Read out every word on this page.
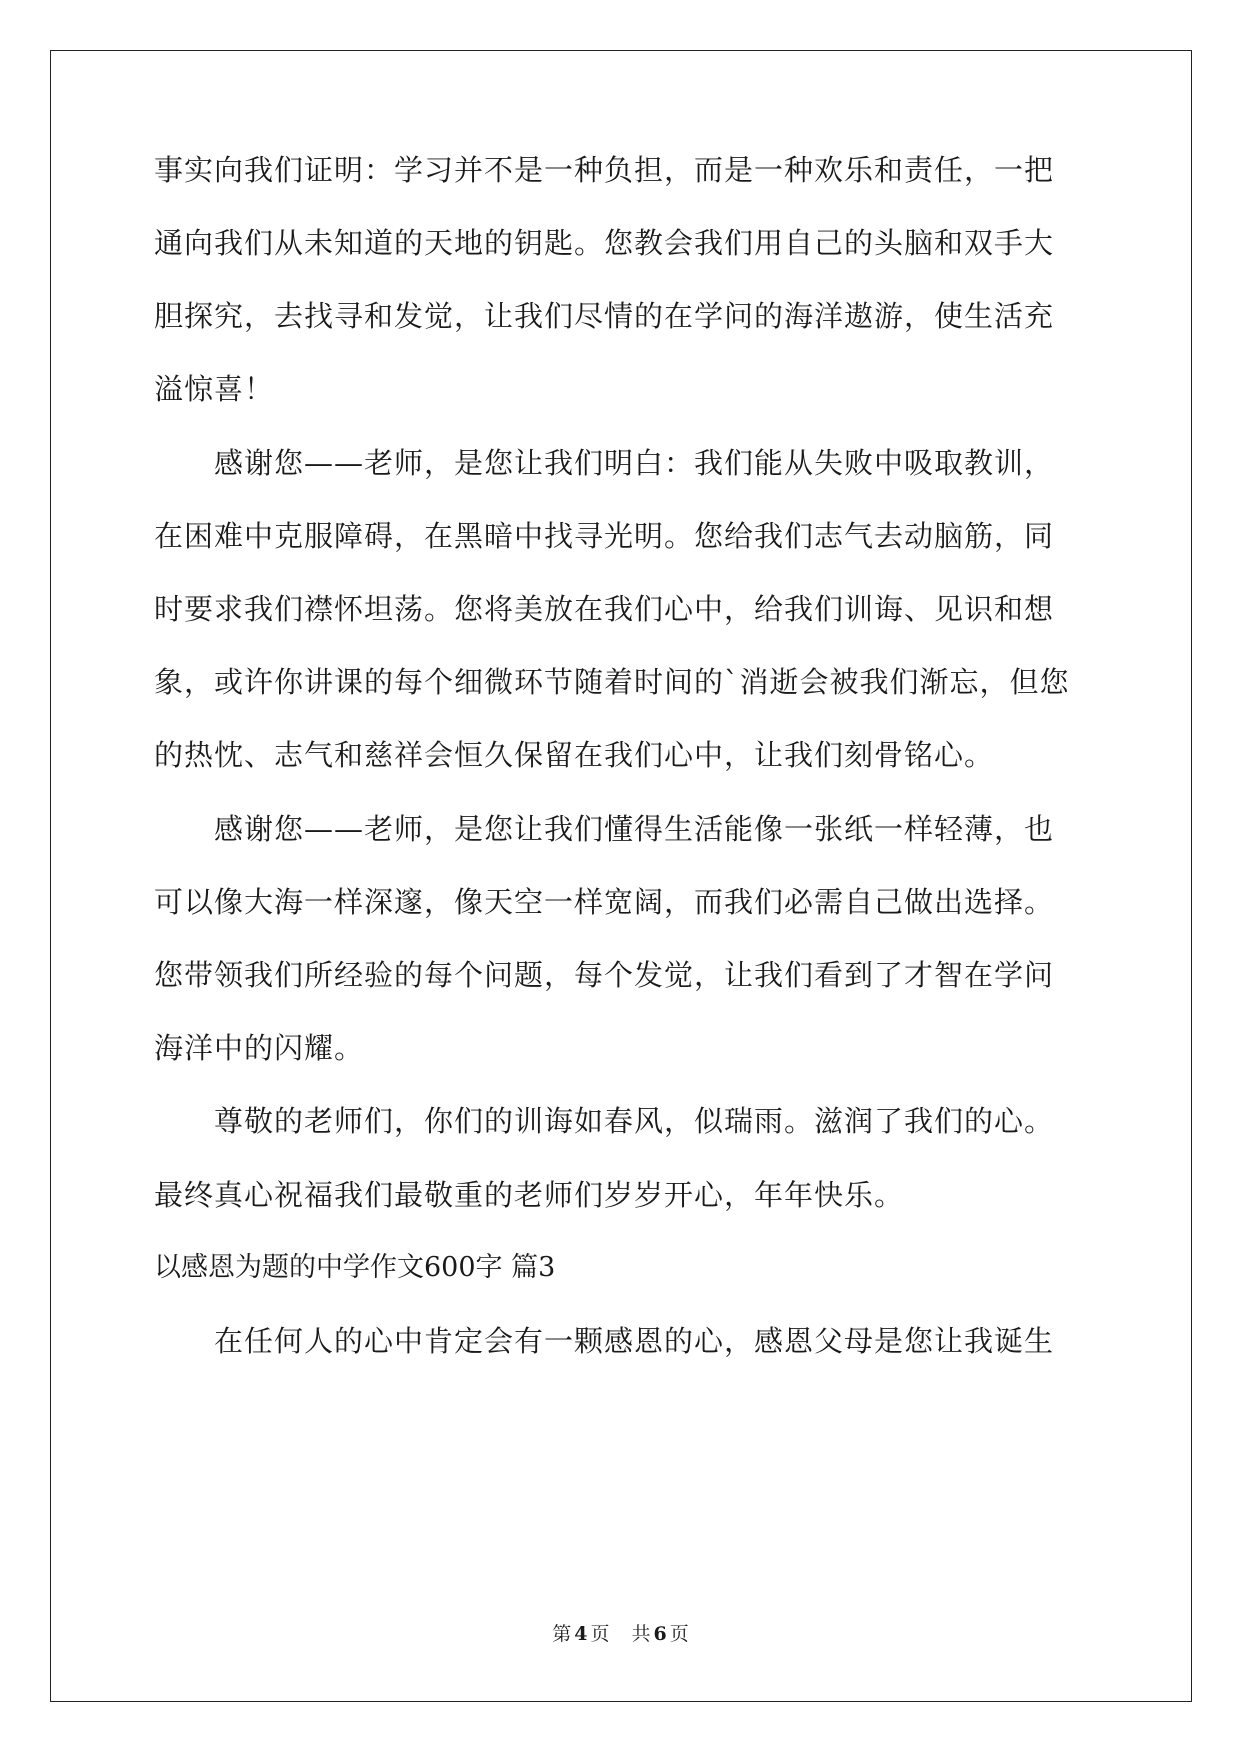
事实向我们证明：学习并不是一种负担，而是一种欢乐和责任，一把
通向我们从未知道的天地的钥匙。您教会我们用自己的头脑和双手大
胆探究，去找寻和发觉，让我们尽情的在学问的海洋遨游，使生活充
溢惊喜！
感谢您——老师，是您让我们明白：我们能从失败中吸取教训，
在困难中克服障碍，在黑暗中找寻光明。您给我们志气去动脑筋，同
时要求我们襟怀坦荡。您将美放在我们心中，给我们训诲、见识和想
象，或许你讲课的每个细微环节随着时间的`消逝会被我们渐忘，但您
的热忱、志气和慈祥会恒久保留在我们心中，让我们刻骨铭心。
感谢您——老师，是您让我们懂得生活能像一张纸一样轻薄，也
可以像大海一样深邃，像天空一样宽阔，而我们必需自己做出选择。
您带领我们所经验的每个问题，每个发觉，让我们看到了才智在学问
海洋中的闪耀。
尊敬的老师们，你们的训诲如春风，似瑞雨。滋润了我们的心。
最终真心祝福我们最敬重的老师们岁岁开心，年年快乐。
以感恩为题的中学作文600字 篇3
在任何人的心中肯定会有一颗感恩的心，感恩父母是您让我诞生
第 4 页 共 6 页
